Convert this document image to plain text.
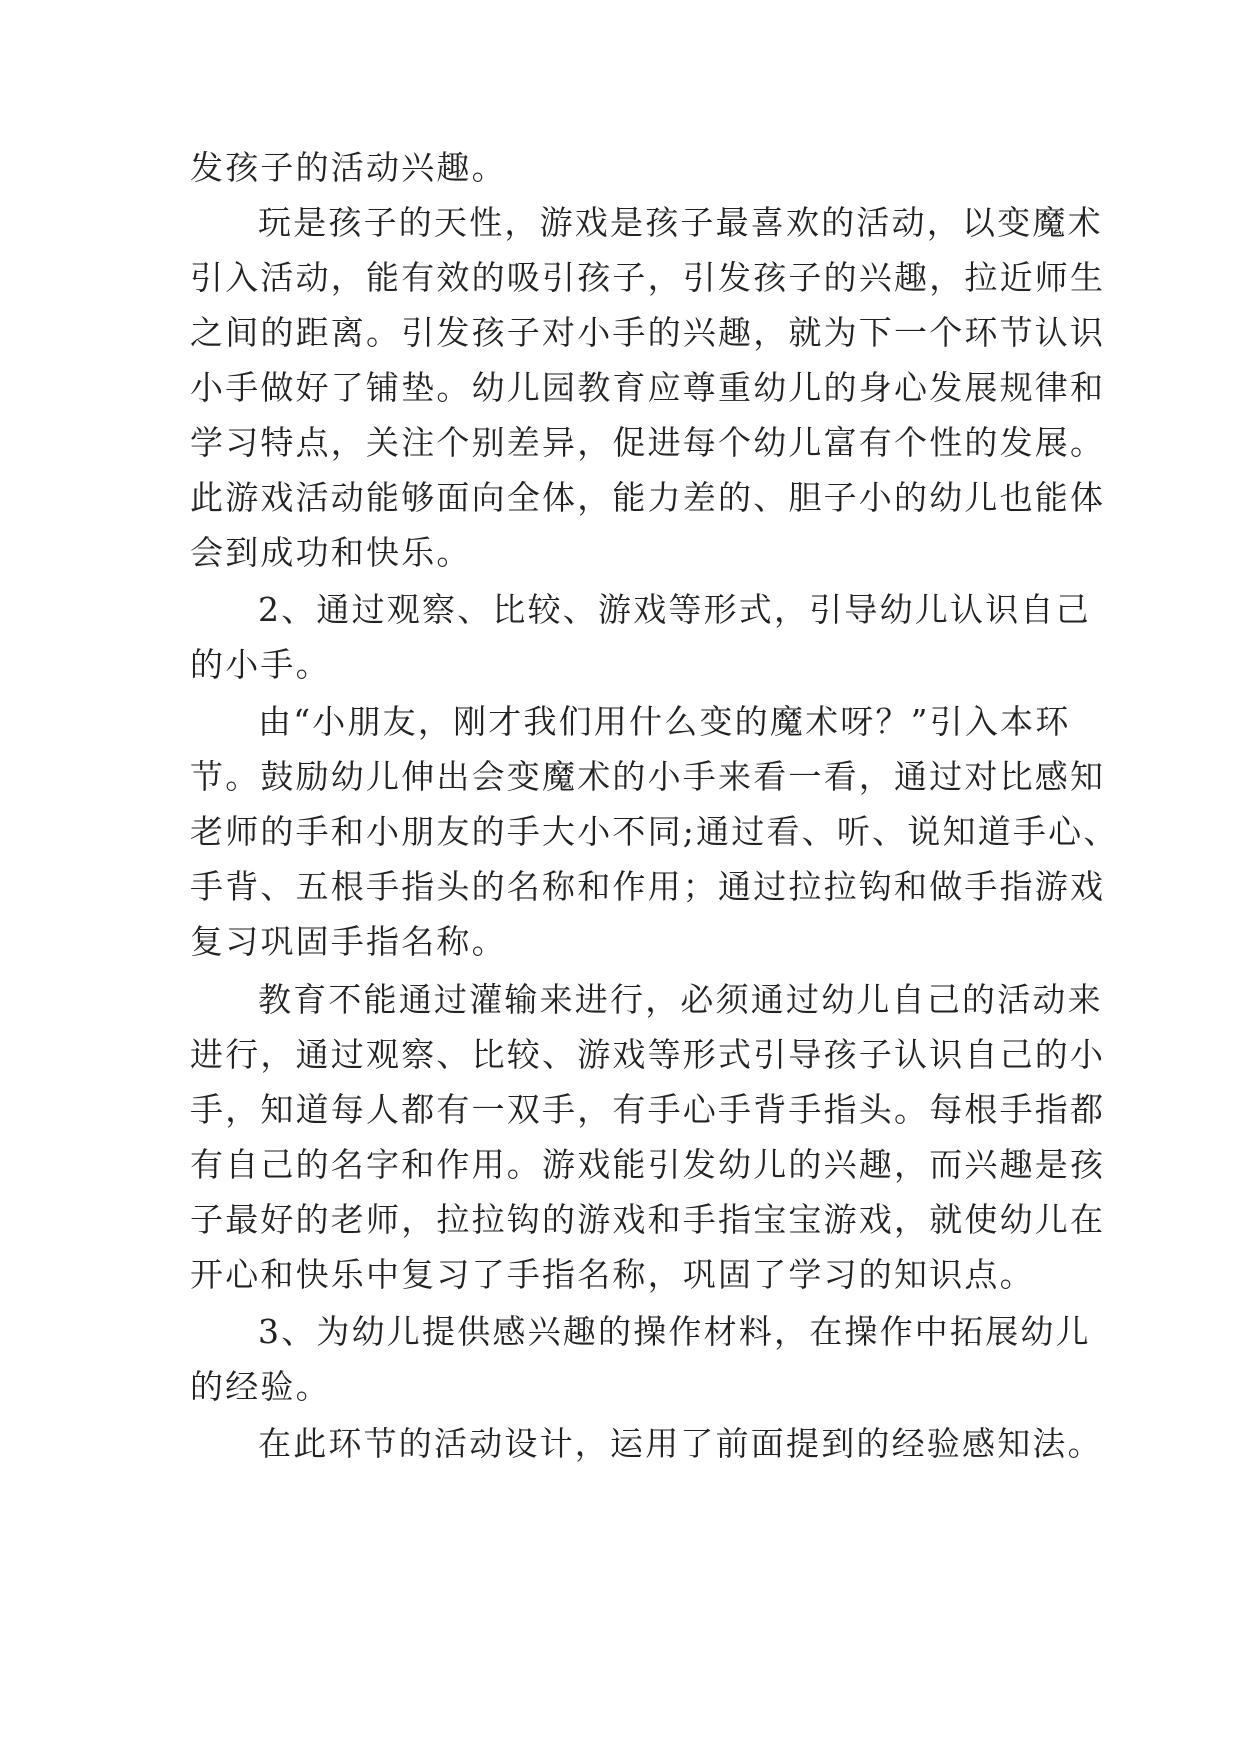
发孩子的活动兴趣。
玩是孩子的天性，游戏是孩子最喜欢的活动，以变魔术
引入活动，能有效的吸引孩子，引发孩子的兴趣，拉近师生
之间的距离。引发孩子对小手的兴趣，就为下一个环节认识
小手做好了铺垫。幼儿园教育应尊重幼儿的身心发展规律和
学习特点，关注个别差异，促进每个幼儿富有个性的发展。
此游戏活动能够面向全体，能力差的、胆子小的幼儿也能体
会到成功和快乐。
2、通过观察、比较、游戏等形式，引导幼儿认识自己
的小手。
由“小朋友，刚才我们用什么变的魔术呀？”引入本环
节。鼓励幼儿伸出会变魔术的小手来看一看，通过对比感知
老师的手和小朋友的手大小不同;通过看、听、说知道手心、
手背、五根手指头的名称和作用；通过拉拉钩和做手指游戏
复习巩固手指名称。
教育不能通过灌输来进行，必须通过幼儿自己的活动来
进行，通过观察、比较、游戏等形式引导孩子认识自己的小
手，知道每人都有一双手，有手心手背手指头。每根手指都
有自己的名字和作用。游戏能引发幼儿的兴趣，而兴趣是孩
子最好的老师，拉拉钩的游戏和手指宝宝游戏，就使幼儿在
开心和快乐中复习了手指名称，巩固了学习的知识点。
3、为幼儿提供感兴趣的操作材料，在操作中拓展幼儿
的经验。
在此环节的活动设计，运用了前面提到的经验感知法。
